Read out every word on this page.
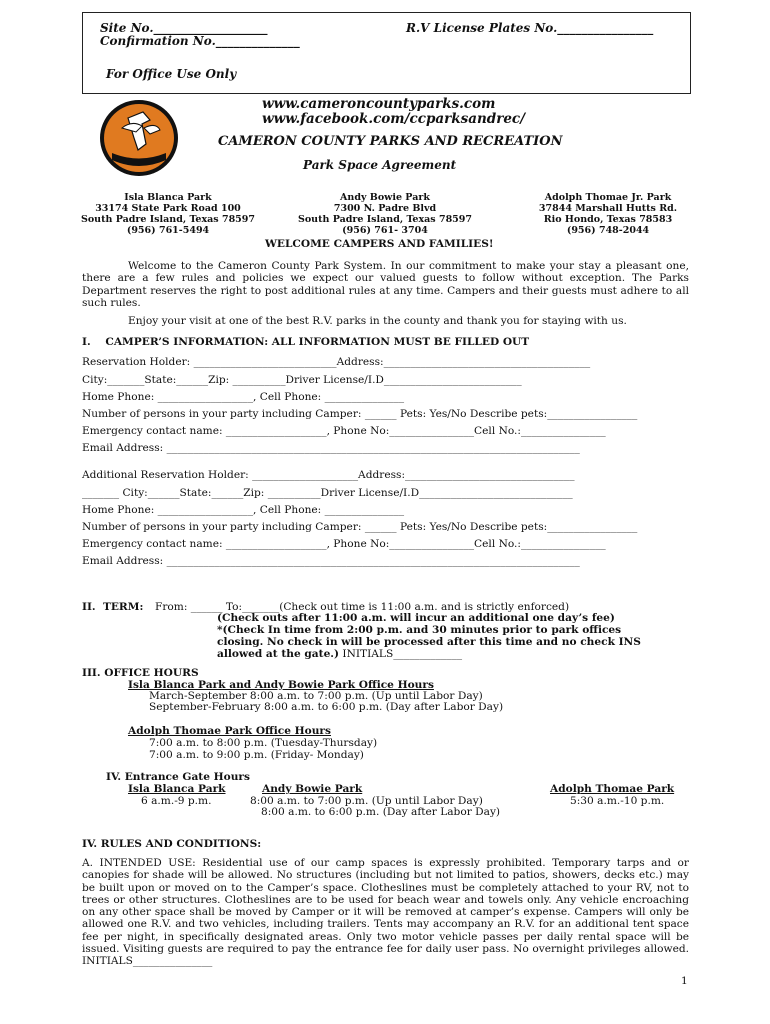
Site No.___________________
Confirmation No.______________
R.V License Plates No.________________
For Office Use Only
www.cameroncountyparks.com
www.facebook.com/ccparksandrec/
CAMERON COUNTY PARKS AND RECREATION
Park Space Agreement
Isla Blanca Park
33174 State Park Road 100
South Padre Island, Texas 78597
(956) 761-5494
Andy Bowie Park
7300 N. Padre Blvd
South Padre Island, Texas 78597
(956) 761- 3704
Adolph Thomae Jr. Park
37844 Marshall Hutts Rd.
Rio Hondo, Texas 78583
(956) 748-2044
WELCOME CAMPERS AND FAMILIES!
Welcome to the Cameron County Park System. In our commitment to make your stay a pleasant one, there are a few rules and policies we expect our valued guests to follow without exception. The Parks Department reserves the right to post additional rules at any time. Campers and their guests must adhere to all such rules.
Enjoy your visit at one of the best R.V. parks in the county and thank you for staying with us.
I.    CAMPER’S INFORMATION: ALL INFORMATION MUST BE FILLED OUT
Reservation Holder: ___________________________Address:_______________________________________
City:_______State:______Zip: __________Driver License/I.D__________________________
Home Phone: __________________, Cell Phone: _______________
Number of persons in your party including Camper: ______ Pets: Yes/No Describe pets:_________________
Emergency contact name: ___________________, Phone No:________________Cell No.:________________
Email Address: ______________________________________________________________________________
Additional Reservation Holder: ____________________Address:________________________________
_______ City:______State:______Zip: __________Driver License/I.D_____________________________
Home Phone: __________________, Cell Phone: _______________
Number of persons in your party including Camper: ______ Pets: Yes/No Describe pets:_________________
Emergency contact name: ___________________, Phone No:________________Cell No.:________________
Email Address: ______________________________________________________________________________
II.  TERM: From: ______ To:_______(Check out time is 11:00 a.m. and is strictly enforced)
(Check outs after 11:00 a.m. will incur an additional one day’s fee)
*(Check In time from 2:00 p.m. and 30 minutes prior to park offices
closing. No check in will be processed after this time and no check INS
allowed at the gate.) INITIALS_____________
III. OFFICE HOURS
Isla Blanca Park and Andy Bowie Park Office Hours
March-September 8:00 a.m. to 7:00 p.m. (Up until Labor Day)
September-February 8:00 a.m. to 6:00 p.m. (Day after Labor Day)
Adolph Thomae Park Office Hours
7:00 a.m. to 8:00 p.m. (Tuesday-Thursday)
7:00 a.m. to 9:00 p.m. (Friday- Monday)
IV. Entrance Gate Hours
Isla Blanca Park
6 a.m.-9 p.m.
Andy Bowie Park
8:00 a.m. to 7:00 p.m. (Up until Labor Day)
8:00 a.m. to 6:00 p.m. (Day after Labor Day)
Adolph Thomae Park
5:30 a.m.-10 p.m.
IV. RULES AND CONDITIONS:
A. INTENDED USE: Residential use of our camp spaces is expressly prohibited. Temporary tarps and or canopies for shade will be allowed. No structures (including but not limited to patios, showers, decks etc.) may be built upon or moved on to the Camper’s space. Clotheslines must be completely attached to your RV, not to trees or other structures. Clotheslines are to be used for beach wear and towels only. Any vehicle encroaching on any other space shall be moved by Camper or it will be removed at camper’s expense. Campers will only be allowed one R.V. and two vehicles, including trailers. Tents may accompany an R.V. for an additional tent space fee per night, in specifically designated areas. Only two motor vehicle passes per daily rental space will be issued. Visiting guests are required to pay the entrance fee for daily user pass. No overnight privileges allowed. INITIALS_______________
1
